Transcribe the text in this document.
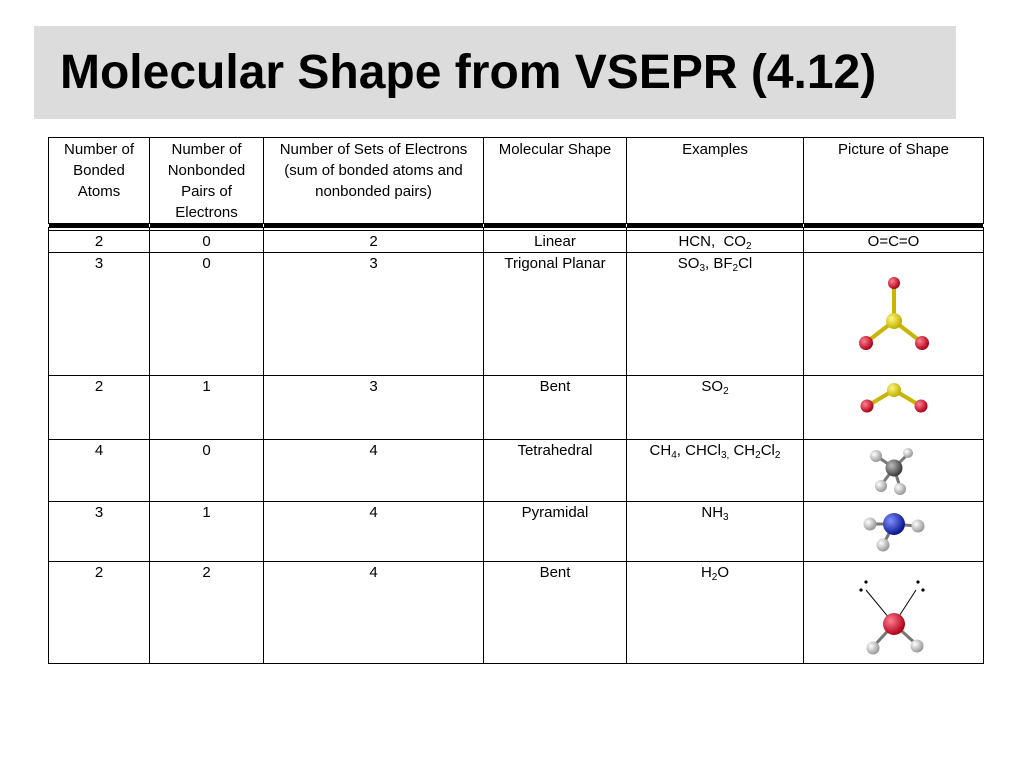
Molecular Shape from VSEPR (4.12)
Number of Bonded Atoms	Number of Nonbonded Pairs of Electrons	Number of Sets of Electrons (sum of bonded atoms and nonbonded pairs)	Molecular Shape	Examples	Picture of Shape

2	0	2	Linear	HCN,  $CO_2$	O=C=O
3	0	3	Trigonal Planar	$SO_3$, $BF_2Cl$	

2	1	3	Bent	$SO_2$	

4	0	4	Tetrahedral	$CH_4$, CHCl$_{3,}$ $CH_2Cl_2$	

3	1	4	Pyramidal	$NH_3$	

2	2	4	Bent	$H_2O$	
